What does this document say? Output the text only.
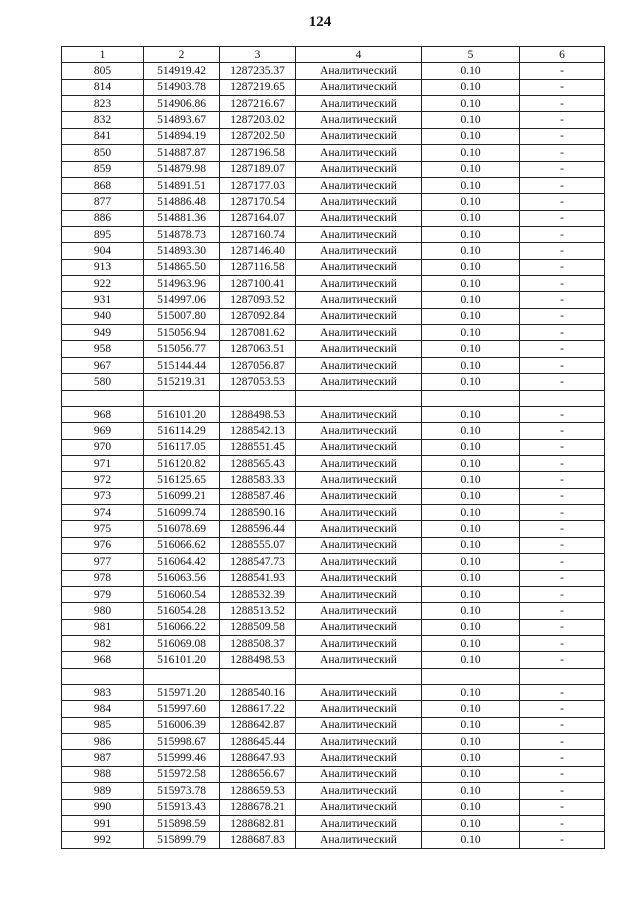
124
1	2	3	4	5	6
805	514919.42	1287235.37	Аналитический	0.10	-
814	514903.78	1287219.65	Аналитический	0.10	-
823	514906.86	1287216.67	Аналитический	0.10	-
832	514893.67	1287203.02	Аналитический	0.10	-
841	514894.19	1287202.50	Аналитический	0.10	-
850	514887.87	1287196.58	Аналитический	0.10	-
859	514879.98	1287189.07	Аналитический	0.10	-
868	514891.51	1287177.03	Аналитический	0.10	-
877	514886.48	1287170.54	Аналитический	0.10	-
886	514881.36	1287164.07	Аналитический	0.10	-
895	514878.73	1287160.74	Аналитический	0.10	-
904	514893.30	1287146.40	Аналитический	0.10	-
913	514865.50	1287116.58	Аналитический	0.10	-
922	514963.96	1287100.41	Аналитический	0.10	-
931	514997.06	1287093.52	Аналитический	0.10	-
940	515007.80	1287092.84	Аналитический	0.10	-
949	515056.94	1287081.62	Аналитический	0.10	-
958	515056.77	1287063.51	Аналитический	0.10	-
967	515144.44	1287056.87	Аналитический	0.10	-
580	515219.31	1287053.53	Аналитический	0.10	-

968	516101.20	1288498.53	Аналитический	0.10	-
969	516114.29	1288542.13	Аналитический	0.10	-
970	516117.05	1288551.45	Аналитический	0.10	-
971	516120.82	1288565.43	Аналитический	0.10	-
972	516125.65	1288583.33	Аналитический	0.10	-
973	516099.21	1288587.46	Аналитический	0.10	-
974	516099.74	1288590.16	Аналитический	0.10	-
975	516078.69	1288596.44	Аналитический	0.10	-
976	516066.62	1288555.07	Аналитический	0.10	-
977	516064.42	1288547.73	Аналитический	0.10	-
978	516063.56	1288541.93	Аналитический	0.10	-
979	516060.54	1288532.39	Аналитический	0.10	-
980	516054.28	1288513.52	Аналитический	0.10	-
981	516066.22	1288509.58	Аналитический	0.10	-
982	516069.08	1288508.37	Аналитический	0.10	-
968	516101.20	1288498.53	Аналитический	0.10	-

983	515971.20	1288540.16	Аналитический	0.10	-
984	515997.60	1288617.22	Аналитический	0.10	-
985	516006.39	1288642.87	Аналитический	0.10	-
986	515998.67	1288645.44	Аналитический	0.10	-
987	515999.46	1288647.93	Аналитический	0.10	-
988	515972.58	1288656.67	Аналитический	0.10	-
989	515973.78	1288659.53	Аналитический	0.10	-
990	515913.43	1288678.21	Аналитический	0.10	-
991	515898.59	1288682.81	Аналитический	0.10	-
992	515899.79	1288687.83	Аналитический	0.10	-
